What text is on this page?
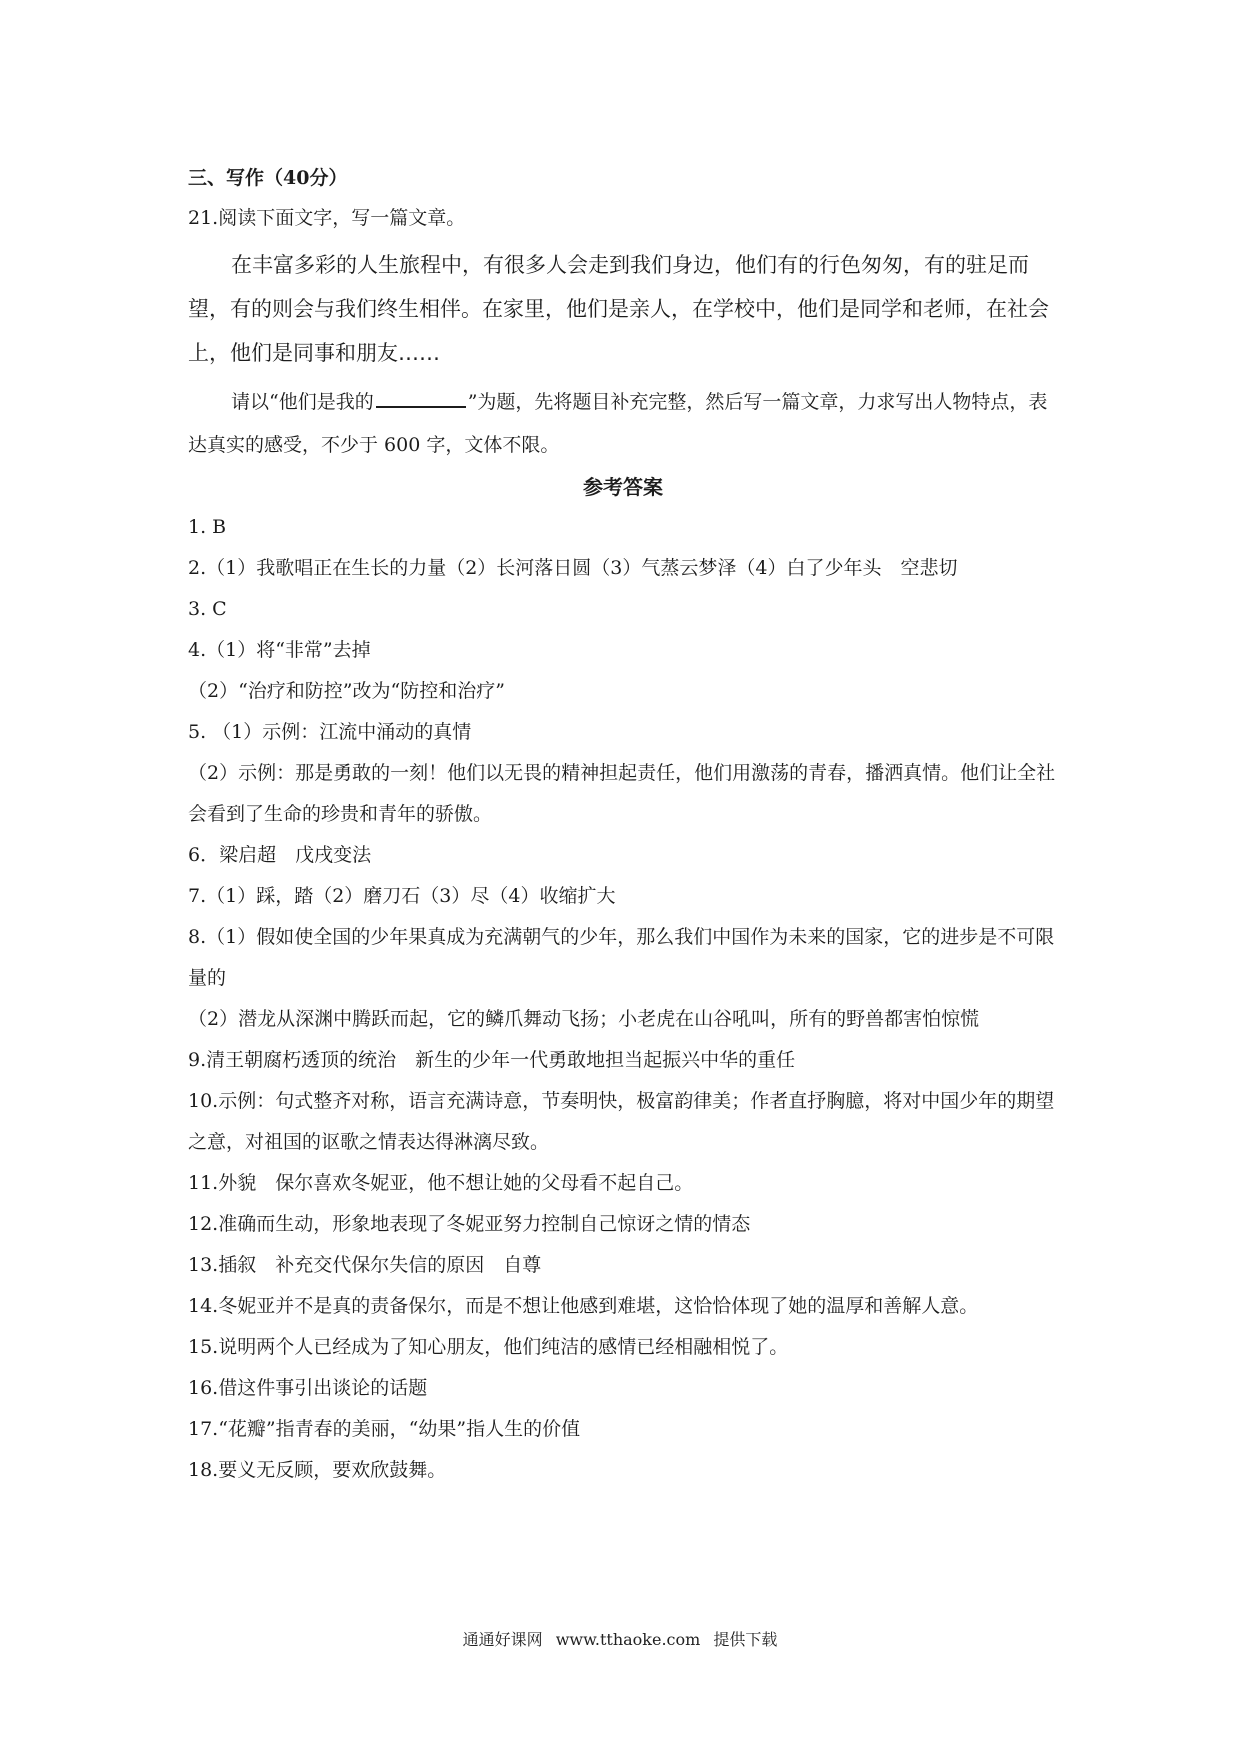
三、写作（40分）
21.阅读下面文字，写一篇文章。
在丰富多彩的人生旅程中，有很多人会走到我们身边，他们有的行色匆匆，有的驻足而望，有的则会与我们终生相伴。在家里，他们是亲人，在学校中，他们是同学和老师，在社会上，他们是同事和朋友……
请以“他们是我的	”为题，先将题目补充完整，然后写一篇文章，力求写出人物特点，表达真实的感受，不少于 600 字，文体不限。
参考答案
1. B
2.（1）我歌唱正在生长的力量（2）长河落日圆（3）气蒸云梦泽（4）白了少年头　空悲切
3. C
4.（1）将“非常”去掉
（2）“治疗和防控”改为“防控和治疗”
5. （1）示例：江流中涌动的真情
（2）示例：那是勇敢的一刻！他们以无畏的精神担起责任，他们用激荡的青春，播洒真情。他们让全社会看到了生命的珍贵和青年的骄傲。
6．梁启超　戊戌变法
7.（1）踩，踏（2）磨刀石（3）尽（4）收缩扩大
8.（1）假如使全国的少年果真成为充满朝气的少年，那么我们中国作为未来的国家，它的进步是不可限量的
（2）潜龙从深渊中腾跃而起，它的鳞爪舞动飞扬；小老虎在山谷吼叫，所有的野兽都害怕惊慌
9.清王朝腐朽透顶的统治　新生的少年一代勇敢地担当起振兴中华的重任
10.示例：句式整齐对称，语言充满诗意，节奏明快，极富韵律美；作者直抒胸臆，将对中国少年的期望之意，对祖国的讴歌之情表达得淋漓尽致。
11.外貌　保尔喜欢冬妮亚，他不想让她的父母看不起自己。
12.准确而生动，形象地表现了冬妮亚努力控制自己惊讶之情的情态
13.插叙　补充交代保尔失信的原因　自尊
14.冬妮亚并不是真的责备保尔，而是不想让他感到难堪，这恰恰体现了她的温厚和善解人意。
15.说明两个人已经成为了知心朋友，他们纯洁的感情已经相融相悦了。
16.借这件事引出谈论的话题
17.“花瓣”指青春的美丽，“幼果”指人生的价值
18.要义无反顾，要欢欣鼓舞。
通通好课网 www.tthaoke.com 提供下载
